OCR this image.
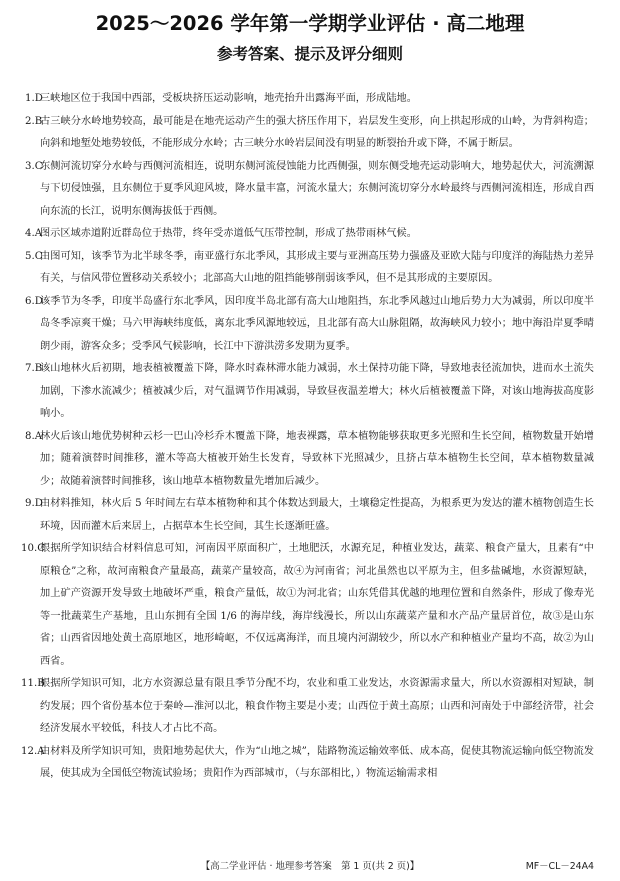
2025～2026 学年第一学期学业评估 · 高二地理
参考答案、提示及评分细则
1.D
三峡地区位于我国中西部，受板块挤压运动影响，地壳抬升出露海平面，形成陆地。
2.B
古三峡分水岭地势较高，最可能是在地壳运动产生的强大挤压作用下，岩层发生变形，向上拱起形成的山岭，为背斜构造；向斜和地堑处地势较低，不能形成分水岭；古三峡分水岭岩层间没有明显的断裂抬升或下降，不属于断层。
3.C
东侧河流切穿分水岭与西侧河流相连，说明东侧河流侵蚀能力比西侧强，则东侧受地壳运动影响大，地势起伏大，河流溯源与下切侵蚀强，且东侧位于夏季风迎风坡，降水量丰富，河流水量大；东侧河流切穿分水岭最终与西侧河流相连，形成自西向东流的长江，说明东侧海拔低于西侧。
4.A
图示区域赤道附近群岛位于热带，终年受赤道低气压带控制，形成了热带雨林气候。
5.C
由图可知，该季节为北半球冬季，南亚盛行东北季风，其形成主要与亚洲高压势力强盛及亚欧大陆与印度洋的海陆热力差异有关，与信风带位置移动关系较小；北部高大山地的阻挡能够削弱该季风，但不是其形成的主要原因。
6.D
该季节为冬季，印度半岛盛行东北季风，因印度半岛北部有高大山地阻挡，东北季风越过山地后势力大为减弱，所以印度半岛冬季凉爽干燥；马六甲海峡纬度低，离东北季风源地较远，且北部有高大山脉阻隔，故海峡风力较小；地中海沿岸夏季晴朗少雨，游客众多；受季风气候影响，长江中下游洪涝多发期为夏季。
7.B
该山地林火后初期，地表植被覆盖下降，降水时森林滞水能力减弱，水土保持功能下降，导致地表径流加快，进而水土流失加剧，下渗水流减少；植被减少后，对气温调节作用减弱，导致昼夜温差增大；林火后植被覆盖下降，对该山地海拔高度影响小。
8.A
林火后该山地优势树种云杉一巴山冷杉乔木覆盖下降，地表裸露，草本植物能够获取更多光照和生长空间，植物数量开始增加；随着演替时间推移，灌木等高大植被开始生长发育，导致林下光照减少，且挤占草本植物生长空间，草本植物数量减少；故随着演替时间推移，该山地草本植物数量先增加后减少。
9.D
由材料推知，林火后 5 年时间左右草本植物种和其个体数达到最大，土壤稳定性提高，为根系更为发达的灌木植物创造生长环境，因而灌木后来居上，占据草本生长空间，其生长逐渐旺盛。
10.C
根据所学知识结合材料信息可知，河南因平原面积广，土地肥沃，水源充足，种植业发达，蔬菜、粮食产量大，且素有“中原粮仓”之称，故河南粮食产量最高，蔬菜产量较高，故④为河南省；河北虽然也以平原为主，但多盐碱地，水资源短缺，加上矿产资源开发导致土地破坏严重，粮食产量低，故①为河北省；山东凭借其优越的地理位置和自然条件，形成了像寿光等一批蔬菜生产基地，且山东拥有全国 1/6 的海岸线，海岸线漫长，所以山东蔬菜产量和水产品产量居首位，故③是山东省；山西省因地处黄土高原地区，地形崎岖，不仅远离海洋，而且境内河湖较少，所以水产和种植业产量均不高，故②为山西省。
11.B
根据所学知识可知，北方水资源总量有限且季节分配不均，农业和重工业发达，水资源需求量大，所以水资源相对短缺，制约发展；四个省份基本位于秦岭—淮河以北，粮食作物主要是小麦；山西位于黄土高原；山西和河南处于中部经济带，社会经济发展水平较低，科技人才占比不高。
12.A
由材料及所学知识可知，贵阳地势起伏大，作为“山地之城”，陆路物流运输效率低、成本高，促使其物流运输向低空物流发展，使其成为全国低空物流试验场；贵阳作为西部城市，（与东部相比，）物流运输需求相
【高二学业评估 · 地理参考答案　第 1 页(共 2 页)】	MF－CL－24A4
